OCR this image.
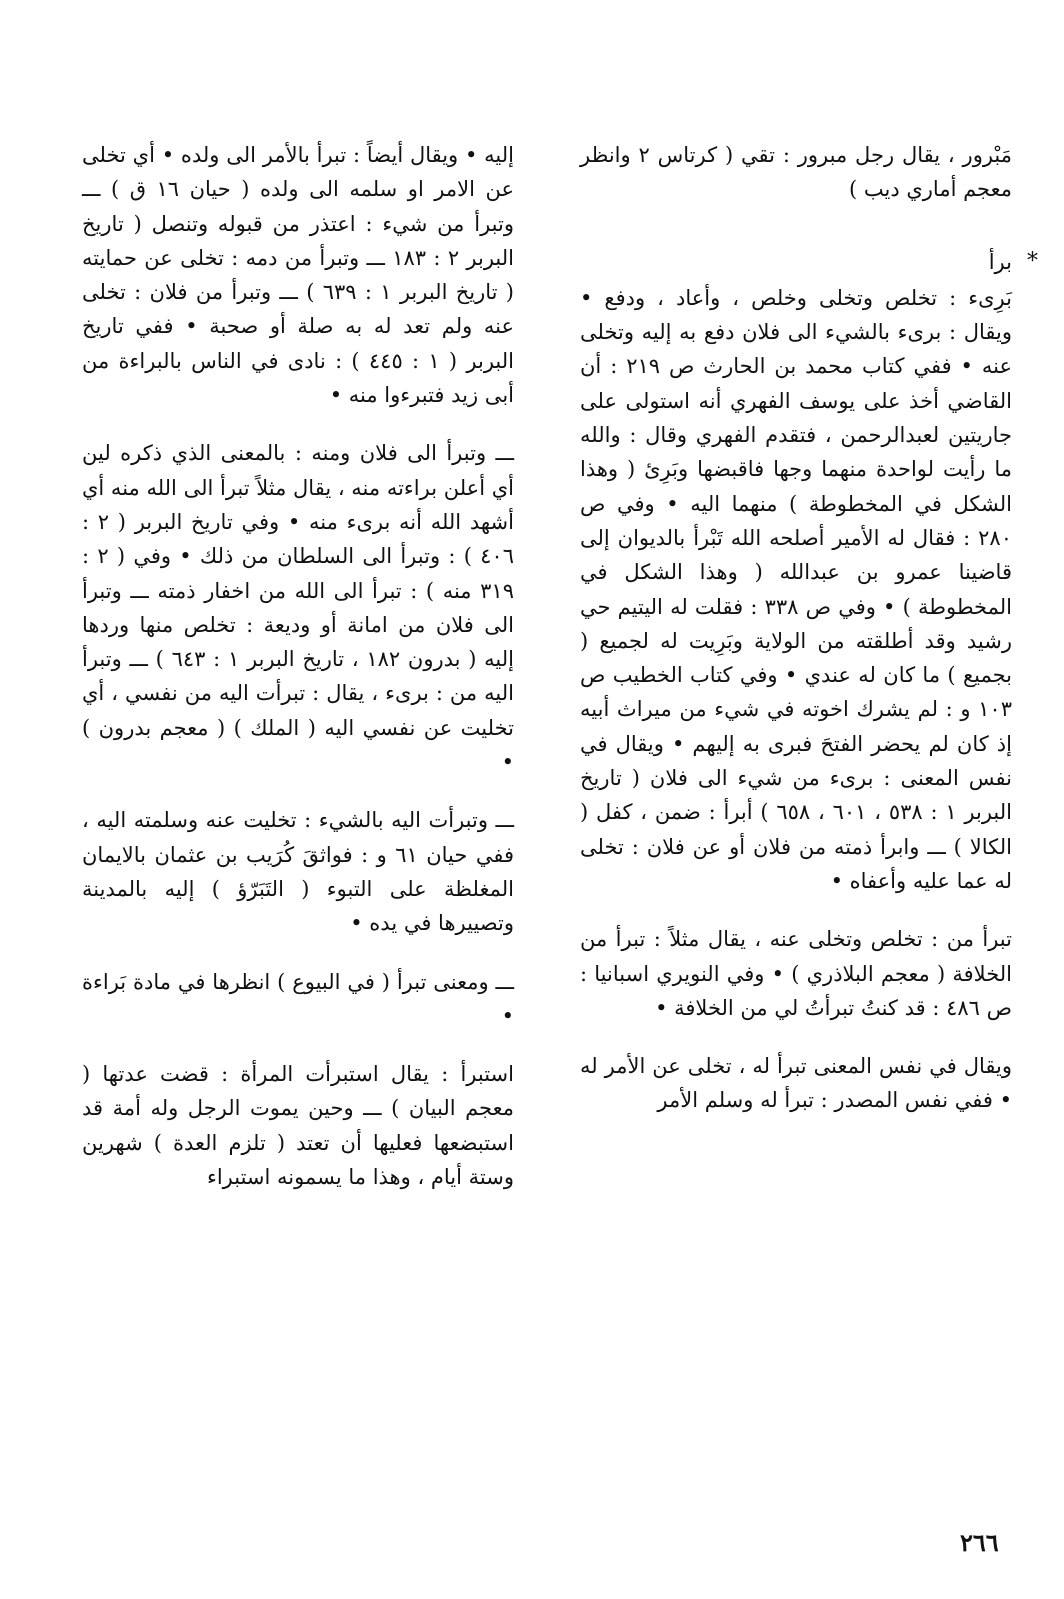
مَبْرور ، يقال رجل مبرور : تقي ( كرتاس ٢ وانظر معجم أماري ديب )

*
برأ

بَرِىء : تخلص وتخلى وخلص ، وأعاد ، ودفع • ويقال : برىء بالشيء الى فلان دفع به إليه وتخلى عنه • ففي كتاب محمد بن الحارث ص ٢١٩ : أن القاضي أخذ على يوسف الفهري أنه استولى على جاريتين لعبدالرحمن ، فتقدم الفهري وقال : والله ما رأيت لواحدة منهما وجها فاقبضها وبَرِئ ( وهذا الشكل في المخطوطة ) منهما اليه • وفي ص ٢٨٠ : فقال له الأمير أصلحه الله تَبْرأ بالديوان إلى قاضينا عمرو بن عبدالله ( وهذا الشكل في المخطوطة ) • وفي ص ٣٣٨ : فقلت له اليتيم حي رشيد وقد أطلقته من الولاية وبَرِيت له لجميع ( بجميع ) ما كان له عندي • وفي كتاب الخطيب ص ١٠٣ و : لم يشرك اخوته في شيء من ميراث أبيه إذ كان لم يحضر الفتحَ فبرى به إليهم • ويقال في نفس المعنى : برىء من شيء الى فلان ( تاريخ البربر ١ : ٥٣٨ ، ٦٠١ ، ٦٥٨ ) أبرأ : ضمن ، كفل ( الكالا ) ـــ وابرأ ذمته من فلان أو عن فلان : تخلى له عما عليه وأعفاه •

تبرأ من : تخلص وتخلى عنه ، يقال مثلاً : تبرأ من الخلافة ( معجم البلاذري ) • وفي النويري اسبانيا : ص ٤٨٦ : قد كنتُ تبرأتُ لي من الخلافة •

ويقال في نفس المعنى تبرأ له ، تخلى عن الأمر له • ففي نفس المصدر : تبرأ له وسلم الأمر

إليه • ويقال أيضاً : تبرأ بالأمر الى ولده • أي تخلى عن الامر او سلمه الى ولده ( حيان ١٦ ق ) ـــ وتبرأ من شيء : اعتذر من قبوله وتنصل ( تاريخ البربر ٢ : ١٨٣ ـــ وتبرأ من دمه : تخلى عن حمايته ( تاريخ البربر ١ : ٦٣٩ ) ـــ وتبرأ من فلان : تخلى عنه ولم تعد له به صلة أو صحبة • ففي تاريخ البربر ( ١ : ٤٤٥ ) : نادى في الناس بالبراءة من أبى زيد فتبرءوا منه •

ـــ وتبرأ الى فلان ومنه : بالمعنى الذي ذكره لين أي أعلن براءته منه ، يقال مثلاً تبرأ الى الله منه أي أشهد الله أنه برىء منه • وفي تاريخ البربر ( ٢ : ٤٠٦ ) : وتبرأ الى السلطان من ذلك • وفي ( ٢ : ٣١٩ منه ) : تبرأ الى الله من اخفار ذمته ـــ وتبرأ الى فلان من امانة أو وديعة : تخلص منها وردها إليه ( بدرون ١٨٢ ، تاريخ البربر ١ : ٦٤٣ ) ـــ وتبرأ اليه من : برىء ، يقال : تبرأت اليه من نفسي ، أي تخليت عن نفسي اليه ( الملك ) ( معجم بدرون ) •

ـــ وتبرأت اليه بالشيء : تخليت عنه وسلمته اليه ، ففي حيان ٦١ و : فواثقَ كُرَيب بن عثمان بالايمان المغلظة على التبوء ( التَبَرّؤ ) إليه بالمدينة وتصييرها في يده •

ـــ ومعنى تبرأ ( في البيوع ) انظرها في مادة بَراءة •

استبرأ : يقال استبرأت المرأة : قضت عدتها ( معجم البيان ) ـــ وحين يموت الرجل وله أمة قد استبضعها فعليها أن تعتد ( تلزم العدة ) شهرين وستة أيام ، وهذا ما يسمونه استبراء

٢٦٦
